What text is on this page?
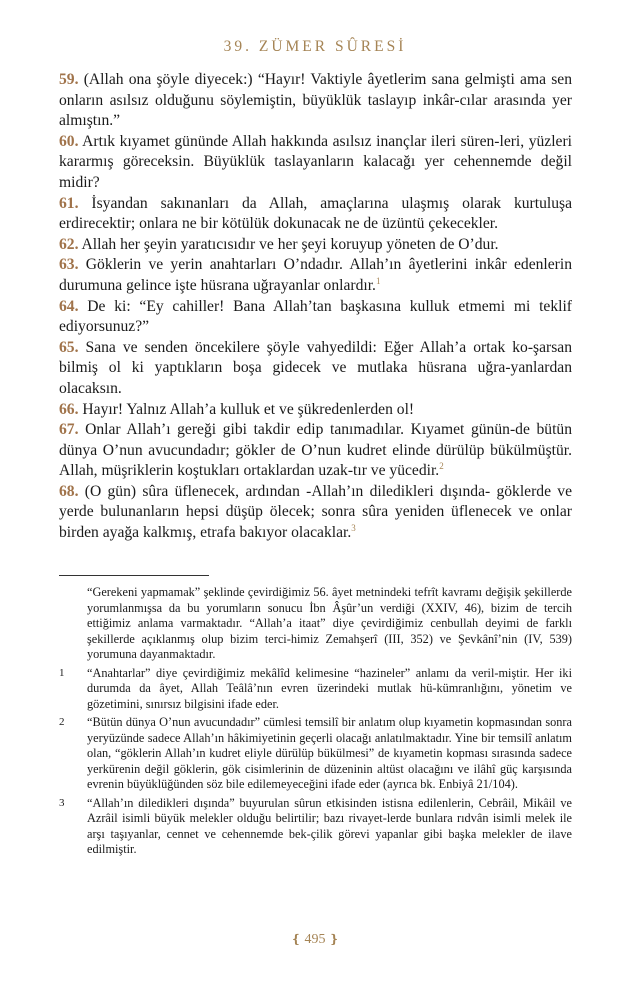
39. ZÜMER SÛRESİ

59. (Allah ona şöyle diyecek:) “Hayır! Vaktiyle âyetlerim sana gelmişti ama sen onların asılsız olduğunu söylemiştin, büyüklük taslayıp inkâr-cılar arasında yer almıştın.”

60. Artık kıyamet gününde Allah hakkında asılsız inançlar ileri süren-leri, yüzleri kararmış göreceksin. Büyüklük taslayanların kalacağı yer cehennemde değil midir?

61. İsyandan sakınanları da Allah, amaçlarına ulaşmış olarak kurtuluşa erdirecektir; onlara ne bir kötülük dokunacak ne de üzüntü çekecekler.

62. Allah her şeyin yaratıcısıdır ve her şeyi koruyup yöneten de O’dur.

63. Göklerin ve yerin anahtarları O’ndadır. Allah’ın âyetlerini inkâr edenlerin durumuna gelince işte hüsrana uğrayanlar onlardır.$^1$

64. De ki: “Ey cahiller! Bana Allah’tan başkasına kulluk etmemi mi teklif ediyorsunuz?”

65. Sana ve senden öncekilere şöyle vahyedildi: Eğer Allah’a ortak ko-şarsan bilmiş ol ki yaptıkların boşa gidecek ve mutlaka hüsrana uğra-yanlardan olacaksın.

66. Hayır! Yalnız Allah’a kulluk et ve şükredenlerden ol!

67. Onlar Allah’ı gereği gibi takdir edip tanımadılar. Kıyamet günün-de bütün dünya O’nun avucundadır; gökler de O’nun kudret elinde dürülüp bükülmüştür. Allah, müşriklerin koştukları ortaklardan uzak-tır ve yücedir.$^2$

68. (O gün) sûra üflenecek, ardından -Allah’ın diledikleri dışında- göklerde ve yerde bulunanların hepsi düşüp ölecek; sonra sûra yeniden üflenecek ve onlar birden ayağa kalkmış, etrafa bakıyor olacaklar.$^3$

“Gerekeni yapmamak” şeklinde çevirdiğimiz 56. âyet metnindeki tefrît kavramı değişik şekillerde yorumlanmışsa da bu yorumların sonucu İbn Âşûr’un verdiği (XXIV, 46), bizim de tercih ettiğimiz anlama varmaktadır. “Allah’a itaat” diye çevirdiğimiz cenbullah deyimi de farklı şekillerde açıklanmış olup bizim terci-himiz Zemahşerî (III, 352) ve Şevkânî’nin (IV, 539) yorumuna dayanmaktadır.
1	“Anahtarlar” diye çevirdiğimiz mekâlîd kelimesine “hazineler” anlamı da veril-miştir. Her iki durumda da âyet, Allah Teâlâ’nın evren üzerindeki mutlak hü-kümranlığını, yönetim ve gözetimini, sınırsız bilgisini ifade eder.
2	“Bütün dünya O’nun avucundadır” cümlesi temsilî bir anlatım olup kıyametin kopmasından sonra yeryüzünde sadece Allah’ın hâkimiyetinin geçerli olacağı anlatılmaktadır. Yine bir temsilî anlatım olan, “göklerin Allah’ın kudret eliyle dürülüp bükülmesi” de kıyametin kopması sırasında sadece yerkürenin değil göklerin, gök cisimlerinin de düzeninin altüst olacağını ve ilâhî güç karşısında evrenin büyüklüğünden söz bile edilemeyeceğini ifade eder (ayrıca bk. Enbiyâ 21/104).
3	“Allah’ın diledikleri dışında” buyurulan sûrun etkisinden istisna edilenlerin, Cebrâil, Mikâil ve Azrâil isimli büyük melekler olduğu belirtilir; bazı rivayet-lerde bunlara rıdvân isimli melek ile arşı taşıyanlar, cennet ve cehennemde bek-çilik görevi yapanlar gibi başka melekler de ilave edilmiştir.
❴ 495 ❵
